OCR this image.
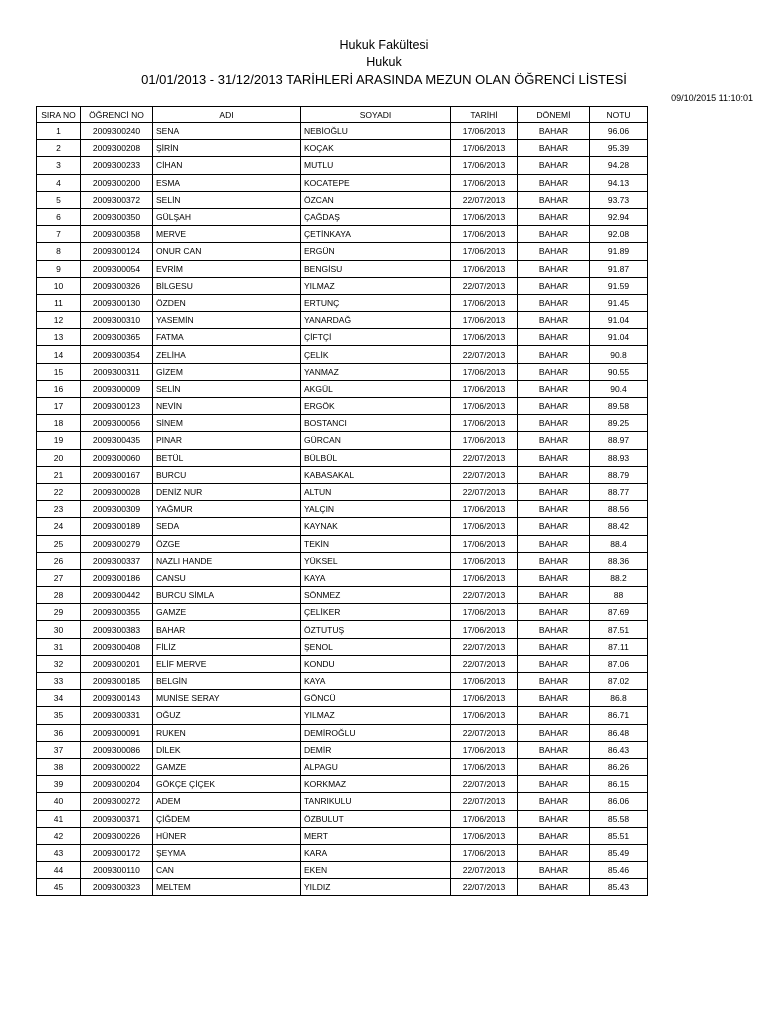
Hukuk Fakültesi
Hukuk
01/01/2013 - 31/12/2013 TARİHLERİ ARASINDA MEZUN OLAN ÖĞRENCİ LİSTESİ
09/10/2015 11:10:01
SIRA NO	ÖĞRENCİ NO	ADI	SOYADI	TARİHİ	DÖNEMİ	NOTU
1	2009300240	SENA	NEBİOĞLU	17/06/2013	BAHAR	96.06
2	2009300208	ŞİRİN	KOÇAK	17/06/2013	BAHAR	95.39
3	2009300233	CİHAN	MUTLU	17/06/2013	BAHAR	94.28
4	2009300200	ESMA	KOCATEPE	17/06/2013	BAHAR	94.13
5	2009300372	SELİN	ÖZCAN	22/07/2013	BAHAR	93.73
6	2009300350	GÜLŞAH	ÇAĞDAŞ	17/06/2013	BAHAR	92.94
7	2009300358	MERVE	ÇETİNKAYA	17/06/2013	BAHAR	92.08
8	2009300124	ONUR CAN	ERGÜN	17/06/2013	BAHAR	91.89
9	2009300054	EVRİM	BENGİSU	17/06/2013	BAHAR	91.87
10	2009300326	BİLGESU	YILMAZ	22/07/2013	BAHAR	91.59
11	2009300130	ÖZDEN	ERTUNÇ	17/06/2013	BAHAR	91.45
12	2009300310	YASEMİN	YANARDAĞ	17/06/2013	BAHAR	91.04
13	2009300365	FATMA	ÇİFTÇİ	17/06/2013	BAHAR	91.04
14	2009300354	ZELİHA	ÇELİK	22/07/2013	BAHAR	90.8
15	2009300311	GİZEM	YANMAZ	17/06/2013	BAHAR	90.55
16	2009300009	SELİN	AKGÜL	17/06/2013	BAHAR	90.4
17	2009300123	NEVİN	ERGÖK	17/06/2013	BAHAR	89.58
18	2009300056	SİNEM	BOSTANCI	17/06/2013	BAHAR	89.25
19	2009300435	PINAR	GÜRCAN	17/06/2013	BAHAR	88.97
20	2009300060	BETÜL	BÜLBÜL	22/07/2013	BAHAR	88.93
21	2009300167	BURCU	KABASAKAL	22/07/2013	BAHAR	88.79
22	2009300028	DENİZ NUR	ALTUN	22/07/2013	BAHAR	88.77
23	2009300309	YAĞMUR	YALÇIN	17/06/2013	BAHAR	88.56
24	2009300189	SEDA	KAYNAK	17/06/2013	BAHAR	88.42
25	2009300279	ÖZGE	TEKİN	17/06/2013	BAHAR	88.4
26	2009300337	NAZLI HANDE	YÜKSEL	17/06/2013	BAHAR	88.36
27	2009300186	CANSU	KAYA	17/06/2013	BAHAR	88.2
28	2009300442	BURCU SİMLA	SÖNMEZ	22/07/2013	BAHAR	88
29	2009300355	GAMZE	ÇELİKER	17/06/2013	BAHAR	87.69
30	2009300383	BAHAR	ÖZTUTUŞ	17/06/2013	BAHAR	87.51
31	2009300408	FİLİZ	ŞENOL	22/07/2013	BAHAR	87.11
32	2009300201	ELİF MERVE	KONDU	22/07/2013	BAHAR	87.06
33	2009300185	BELGİN	KAYA	17/06/2013	BAHAR	87.02
34	2009300143	MUNİSE SERAY	GÖNCÜ	17/06/2013	BAHAR	86.8
35	2009300331	OĞUZ	YILMAZ	17/06/2013	BAHAR	86.71
36	2009300091	RUKEN	DEMİROĞLU	22/07/2013	BAHAR	86.48
37	2009300086	DİLEK	DEMİR	17/06/2013	BAHAR	86.43
38	2009300022	GAMZE	ALPAGU	17/06/2013	BAHAR	86.26
39	2009300204	GÖKÇE ÇİÇEK	KORKMAZ	22/07/2013	BAHAR	86.15
40	2009300272	ADEM	TANRIKULU	22/07/2013	BAHAR	86.06
41	2009300371	ÇİĞDEM	ÖZBULUT	17/06/2013	BAHAR	85.58
42	2009300226	HÜNER	MERT	17/06/2013	BAHAR	85.51
43	2009300172	ŞEYMA	KARA	17/06/2013	BAHAR	85.49
44	2009300110	CAN	EKEN	22/07/2013	BAHAR	85.46
45	2009300323	MELTEM	YILDIZ	22/07/2013	BAHAR	85.43
